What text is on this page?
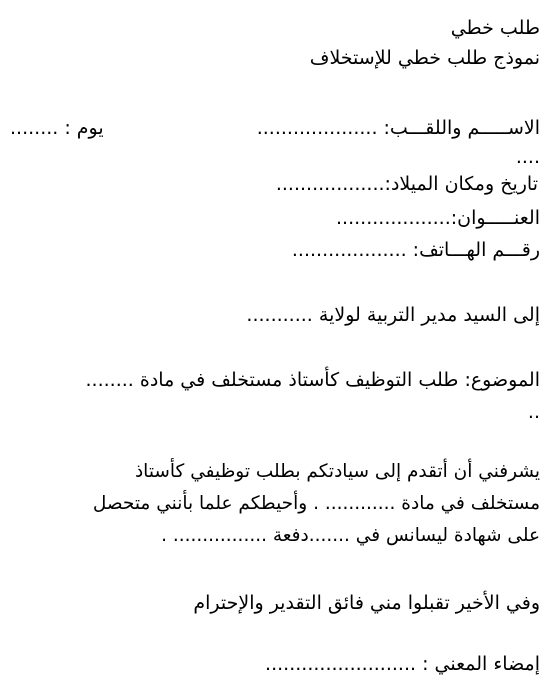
طلب خطي
نموذج طلب خطي للإستخلاف
الاســـــم واللقـــب: ....................
يوم : ........
....
تاريخ ومكان الميلاد:..................
العنـــــوان:...................
رقـــم الهـــاتف: ...................
إلى السيد مدير التربية لولاية ...........
الموضوع: طلب التوظيف كأستاذ مستخلف في مادة ........
..
يشرفني أن أتقدم إلى سيادتكم بطلب توظيفي كأستاذ
مستخلف في مادة ............ . وأحيطكم علما بأنني متحصل
على شهادة ليسانس في .......دفعة ................ .
وفي الأخير تقبلوا مني فائق التقدير والإحترام
إمضاء المعني : .........................
